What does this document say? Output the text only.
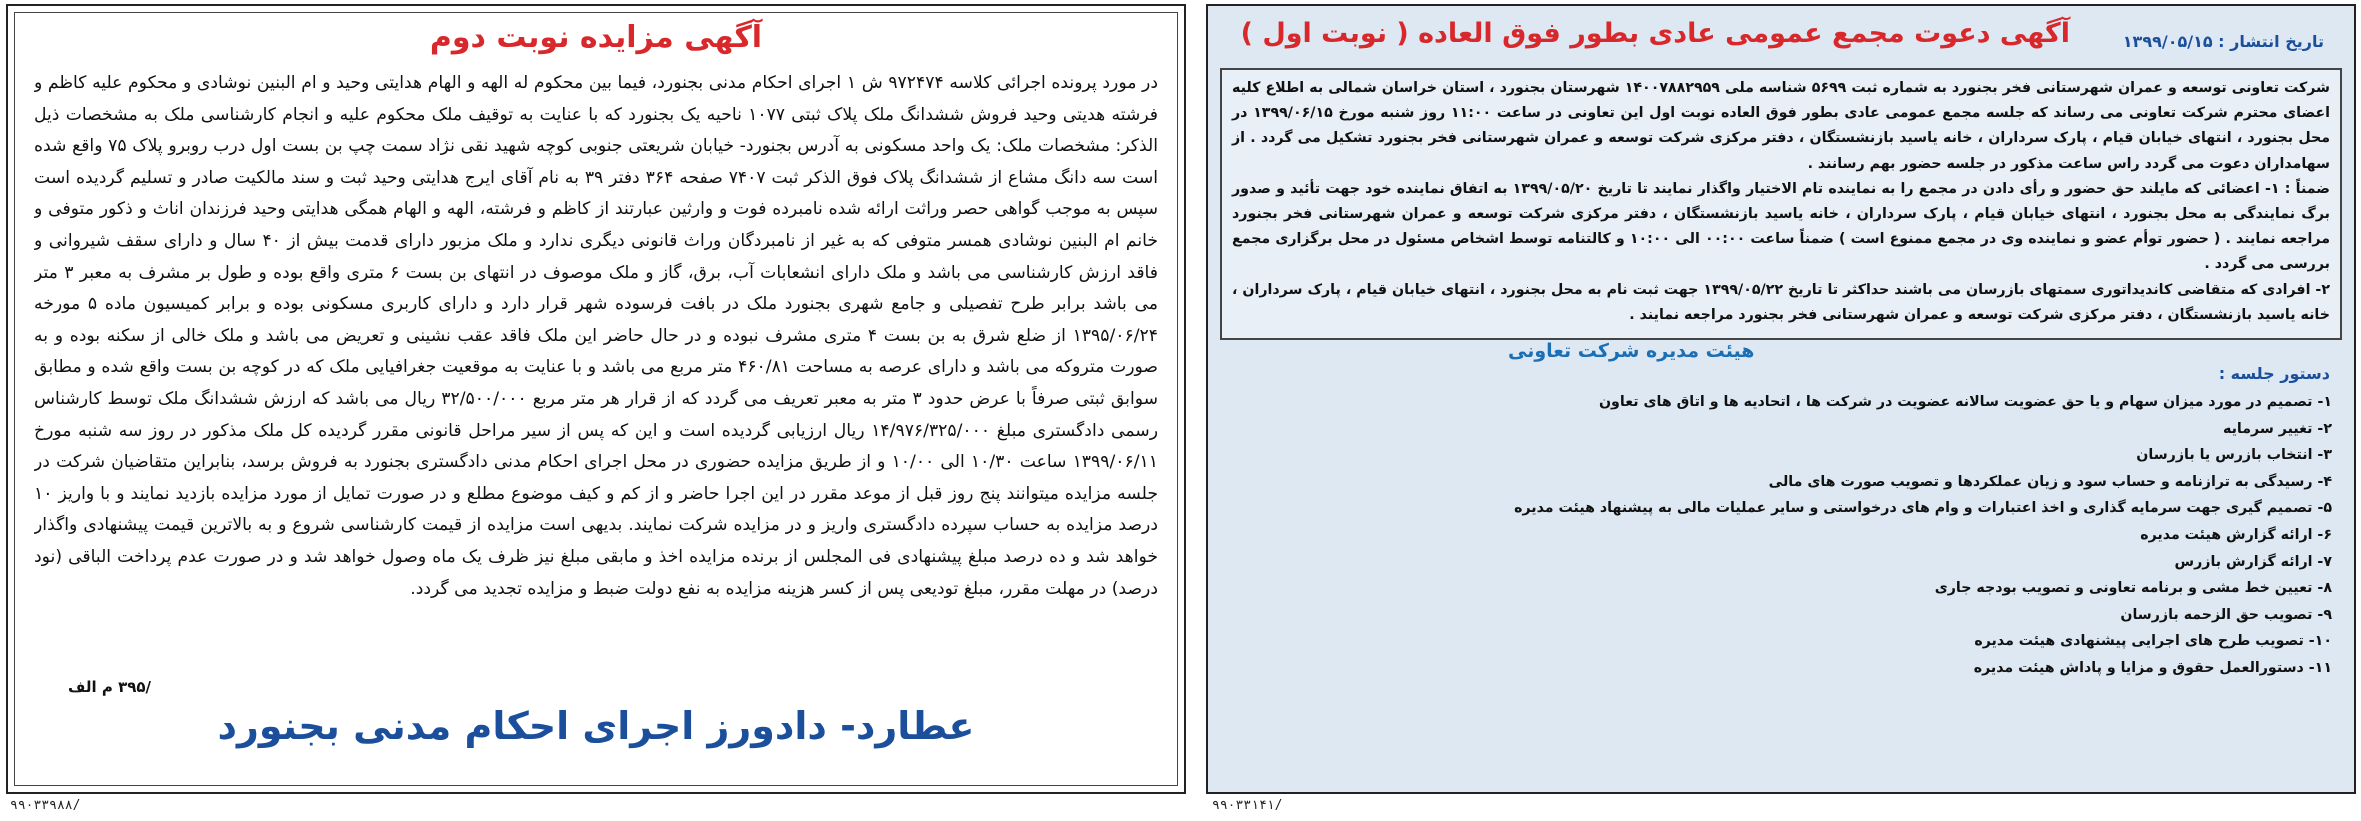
آگهی مزایده نوبت دوم
در مورد پرونده اجرائی کلاسه ۹۷۲۴۷۴ ش ۱ اجرای احکام مدنی بجنورد، فیما بین محکوم له الهه و الهام هدایتی وحید و ام البنین نوشادی و محکوم علیه کاظم و فرشته هدیتی وحید فروش ششدانگ ملک پلاک ثبتی ۱۰۷۷ ناحیه یک بجنورد که با عنایت به توقیف ملک محکوم علیه و انجام کارشناسی ملک به مشخصات ذیل الذکر: مشخصات ملک: یک واحد مسکونی به آدرس بجنورد- خیابان شریعتی جنوبی کوچه شهید نقی نژاد سمت چپ بن بست اول درب روبرو پلاک ۷۵ واقع شده است سه دانگ مشاع از ششدانگ پلاک فوق الذکر ثبت ۷۴۰۷ صفحه ۳۶۴ دفتر ۳۹ به نام آقای ایرج هدایتی وحید ثبت و سند مالکیت صادر و تسلیم گردیده است سپس به موجب گواهی حصر وراثت ارائه شده نامبرده فوت و وارثین عبارتند از کاظم و فرشته، الهه و الهام همگی هدایتی وحید فرزندان اناث و ذکور متوفی و خانم ام البنین نوشادی همسر متوفی که به غیر از نامبردگان وراث قانونی دیگری ندارد و ملک مزبور دارای قدمت بیش از ۴۰ سال و دارای سقف شیروانی و فاقد ارزش کارشناسی می باشد و ملک دارای انشعابات آب، برق، گاز و ملک موصوف در انتهای بن بست ۶ متری واقع بوده و طول بر مشرف به معبر ۳ متر می باشد برابر طرح تفصیلی و جامع شهری بجنورد ملک در بافت فرسوده شهر قرار دارد و دارای کاربری مسکونی بوده و برابر کمیسیون ماده ۵ مورخه ۱۳۹۵/۰۶/۲۴ از ضلع شرق به بن بست ۴ متری مشرف نبوده و در حال حاضر این ملک فاقد عقب نشینی و تعریض می باشد و ملک خالی از سکنه بوده و به صورت متروکه می باشد و دارای عرصه به مساحت ۴۶۰/۸۱ متر مربع می باشد و با عنایت به موقعیت جغرافیایی ملک که در کوچه بن بست واقع شده و مطابق سوابق ثبتی صرفاً با عرض حدود ۳ متر به معبر تعریف می گردد که از قرار هر متر مربع ۳۲/۵۰۰/۰۰۰ ریال می باشد که ارزش ششدانگ ملک توسط کارشناس رسمی دادگستری مبلغ ۱۴/۹۷۶/۳۲۵/۰۰۰ ریال ارزیابی گردیده است و این که پس از سیر مراحل قانونی مقرر گردیده کل ملک مذکور در روز سه شنبه مورخ ۱۳۹۹/۰۶/۱۱ ساعت ۱۰/۳۰ الی ۱۰/۰۰ و از طریق مزایده حضوری در محل اجرای احکام مدنی دادگستری بجنورد به فروش برسد، بنابراین متقاضیان شرکت در جلسه مزایده میتوانند پنج روز قبل از موعد مقرر در این اجرا حاضر و از کم و کیف موضوع مطلع و در صورت تمایل از مورد مزایده بازدید نمایند و با واریز ۱۰ درصد مزایده به حساب سپرده دادگستری واریز و در مزایده شرکت نمایند. بدیهی است مزایده از قیمت کارشناسی شروع و به بالاترین قیمت پیشنهادی واگذار خواهد شد و ده درصد مبلغ پیشنهادی فی المجلس از برنده مزایده اخذ و مابقی مبلغ نیز ظرف یک ماه وصول خواهد شد و در صورت عدم پرداخت الباقی (نود درصد) در مهلت مقرر، مبلغ تودیعی پس از کسر هزینه مزایده به نفع دولت ضبط و مزایده تجدید می گردد.
/۳۹۵ م الف
عطارد- دادورز اجرای احکام مدنی بجنورد
۹۹۰۳۳۹۸۸/
آگهی دعوت مجمع عمومی عادی بطور فوق العاده ( نوبت اول )	تاریخ انتشار : ۱۳۹۹/۰۵/۱۵

شرکت تعاونی توسعه و عمران شهرستانی فخر بجنورد به شماره ثبت ۵۶۹۹ شناسه ملی ۱۴۰۰۷۸۸۲۹۵۹ شهرستان بجنورد ، استان خراسان شمالی به اطلاع کلیه اعضای محترم شرکت تعاونی می رساند که جلسه مجمع عمومی عادی بطور فوق العاده نوبت اول این تعاونی در ساعت ۱۱:۰۰ روز شنبه مورخ ۱۳۹۹/۰۶/۱۵ در محل بجنورد ، انتهای خیابان قیام ، پارک سرداران ، خانه یاسید بازنشستگان ، دفتر مرکزی شرکت توسعه و عمران شهرستانی فخر بجنورد تشکیل می گردد . از سهامداران دعوت می گردد راس ساعت مذکور در جلسه حضور بهم رسانند .

ضمناً : ۱- اعضائی که مایلند حق حضور و رأی دادن در مجمع را به نماینده تام الاختیار واگذار نمایند تا تاریخ ۱۳۹۹/۰۵/۲۰ به اتفاق نماینده خود جهت تأئید و صدور برگ نمایندگی به محل بجنورد ، انتهای خیابان قیام ، پارک سرداران ، خانه یاسید بازنشستگان ، دفتر مرکزی شرکت توسعه و عمران شهرستانی فخر بجنورد مراجعه نمایند . ( حضور توأم عضو و نماینده وی در مجمع ممنوع است ) ضمناً ساعت ۰۰:۰۰ الی ۱۰:۰۰ و کالتنامه توسط اشخاص مسئول در محل برگزاری مجمع بررسی می گردد .

۲- افرادی که متقاضی کاندیداتوری سمتهای بازرسان می باشند حداکثر تا تاریخ ۱۳۹۹/۰۵/۲۲ جهت ثبت نام به محل بجنورد ، انتهای خیابان قیام ، پارک سرداران ، خانه یاسید بازنشستگان ، دفتر مرکزی شرکت توسعه و عمران شهرستانی فخر بجنورد مراجعه نمایند .

هیئت مدیره شرکت تعاونی
دستور جلسه :
۱- تصمیم در مورد میزان سهام و یا حق عضویت سالانه عضویت در شرکت ها ، اتحادیه ها و اتاق های تعاون
۲- تغییر سرمایه
۳- انتخاب بازرس یا بازرسان
۴- رسیدگی به ترازنامه و حساب سود و زیان عملکردها و تصویب صورت های مالی
۵- تصمیم گیری جهت سرمایه گذاری و اخذ اعتبارات و وام های درخواستی و سایر عملیات مالی به پیشنهاد هیئت مدیره
۶- ارائه گزارش هیئت مدیره
۷- ارائه گزارش بازرس
۸- تعیین خط مشی و برنامه تعاونی و تصویب بودجه جاری
۹- تصویب حق الزحمه بازرسان
۱۰- تصویب طرح های اجرایی پیشنهادی هیئت مدیره
۱۱- دستورالعمل حقوق و مزایا و پاداش هیئت مدیره
۹۹۰۳۳۱۴۱/
